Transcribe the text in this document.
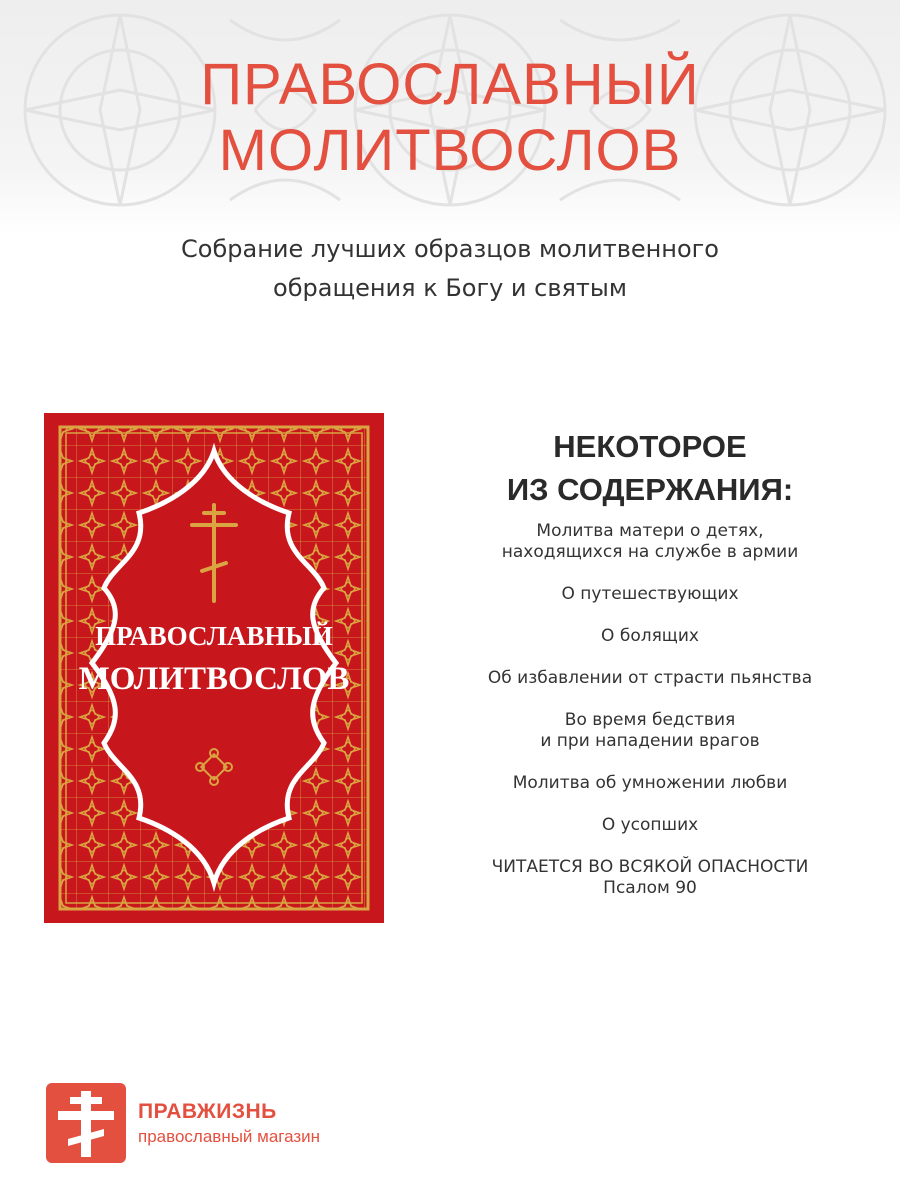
ПРАВОСЛАВНЫЙ
МОЛИТВОСЛОВ
Собрание лучших образцов молитвенного
обращения к Богу и святым
ПРАВОСЛАВНЫЙ
МОЛИТВОСЛОВ
НЕКОТОРОЕ
ИЗ СОДЕРЖАНИЯ:
Молитва матери о детях,
находящихся на службе в армии
О путешествующих
О болящих
Об избавлении от страсти пьянства
Во время бедствия
и при нападении врагов
Молитва об умножении любви
О усопших
ЧИТАЕТСЯ ВО ВСЯКОЙ ОПАСНОСТИ
Псалом 90
ПРАВЖИЗНЬ
православный магазин
